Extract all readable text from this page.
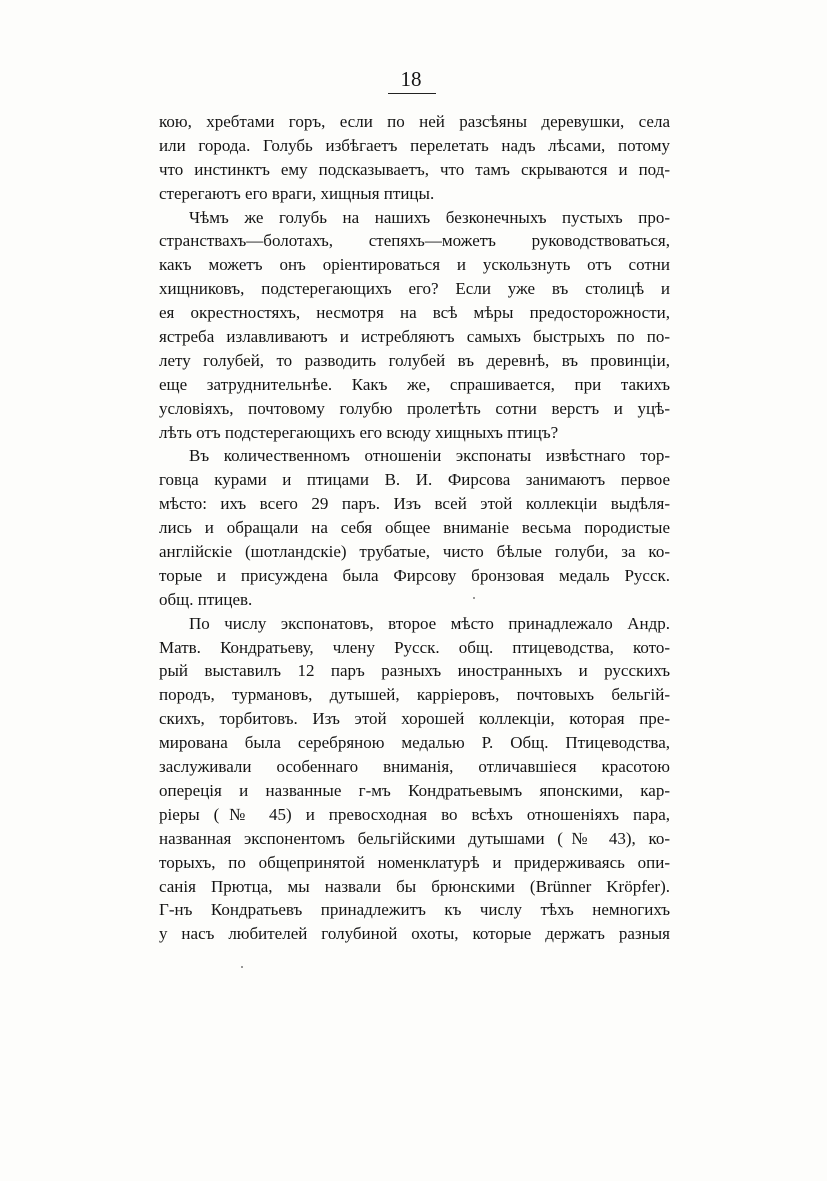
18
кою, хребтами горъ, если по ней разсѣяны деревушки, села
или города. Голубь избѣгаетъ перелетать надъ лѣсами, потому
что инстинктъ ему подсказываетъ, что тамъ скрываются и под-
стерегаютъ его враги, хищныя птицы.
Чѣмъ же голубь на нашихъ безконечныхъ пустыхъ про-
странствахъ—болотахъ, степяхъ—можетъ руководствоваться,
какъ можетъ онъ оріентироваться и ускользнуть отъ сотни
хищниковъ, подстерегающихъ его? Если уже въ столицѣ и
ея окрестностяхъ, несмотря на всѣ мѣры предосторожности,
ястреба излавливаютъ и истребляютъ самыхъ быстрыхъ по по-
лету голубей, то разводить голубей въ деревнѣ, въ провинціи,
еще затруднительнѣе. Какъ же, спрашивается, при такихъ
условіяхъ, почтовому голубю пролетѣть сотни верстъ и уцѣ-
лѣть отъ подстерегающихъ его всюду хищныхъ птицъ?
Въ количественномъ отношеніи экспонаты извѣстнаго тор-
говца курами и птицами В. И. Фирсова занимаютъ первое
мѣсто: ихъ всего 29 паръ. Изъ всей этой коллекціи выдѣля-
лись и обращали на себя общее вниманіе весьма породистые
англійскіе (шотландскіе) трубатые, чисто бѣлые голуби, за ко-
торые и присуждена была Фирсову бронзовая медаль Русск.
общ. птицев.
По числу экспонатовъ, второе мѣсто принадлежало Андр.
Матв. Кондратьеву, члену Русск. общ. птицеводства, кото-
рый выставилъ 12 паръ разныхъ иностранныхъ и русскихъ
породъ, турмановъ, дутышей, карріеровъ, почтовыхъ бельгій-
скихъ, торбитовъ. Изъ этой хорошей коллекціи, которая пре-
мирована была серебряною медалью Р. Общ. Птицеводства,
заслуживали особеннаго вниманія, отличавшіеся красотою
опереція и названные г-мъ Кондратьевымъ японскими, кар-
ріеры (№ 45) и превосходная во всѣхъ отношеніяхъ пара,
названная экспонентомъ бельгійскими дутышами (№ 43), ко-
торыхъ, по общепринятой номенклатурѣ и придерживаясь опи-
санія Прютца, мы назвали бы брюнскими (Brünner Kröpfer).
Г-нъ Кондратьевъ принадлежитъ къ числу тѣхъ немногихъ
у насъ любителей голубиной охоты, которые держатъ разныя
